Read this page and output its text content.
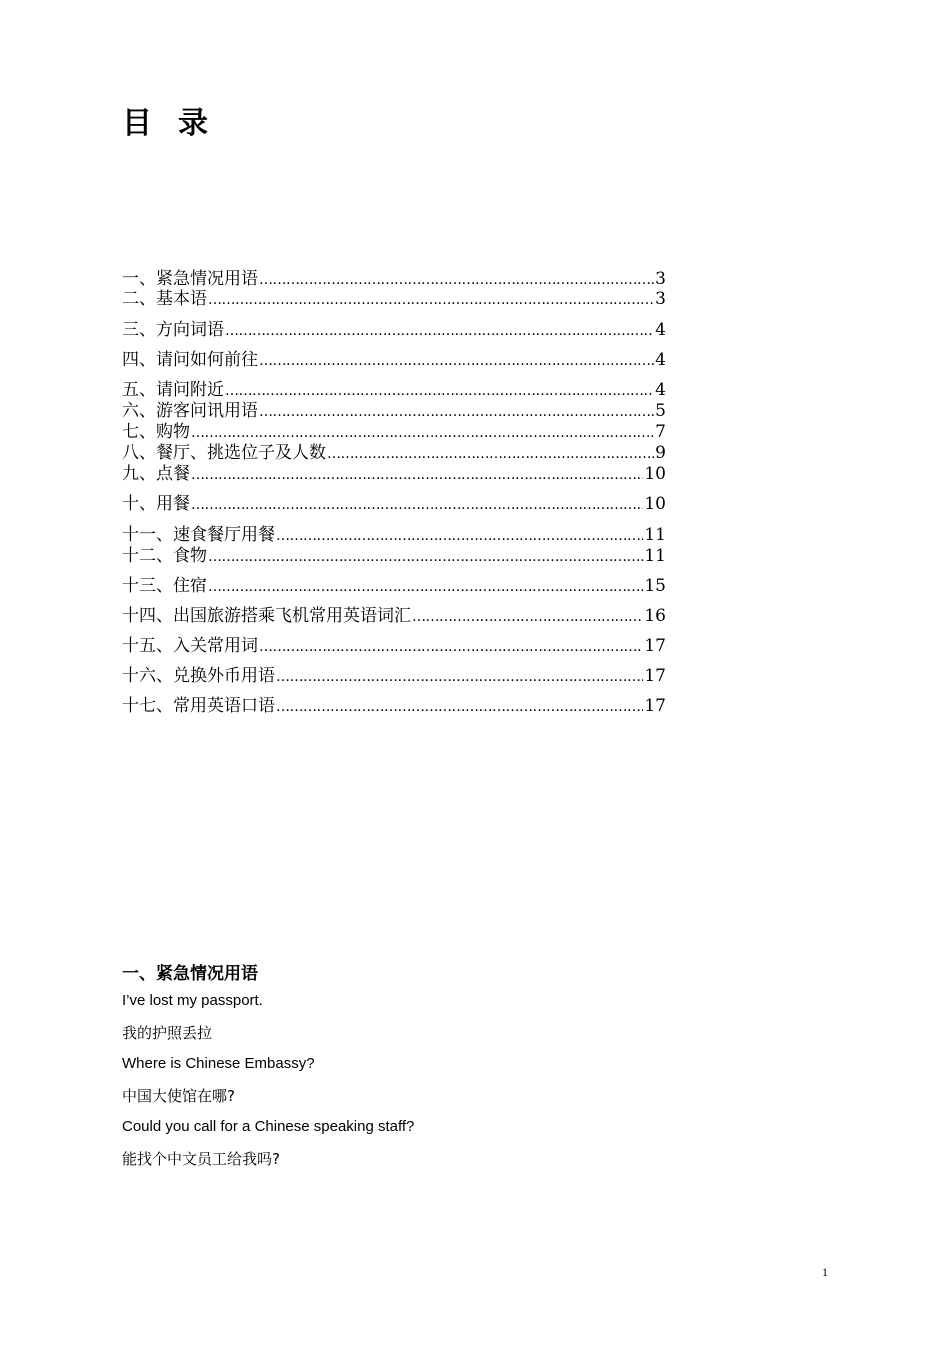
目录
一、紧急情况用语 ……………………………………………………………………………………………………………………………………………………	3
二、基本语 ……………………………………………………………………………………………………………………………………………………	3
三、方向词语 ……………………………………………………………………………………………………………………………………………………	4
四、请问如何前往 ……………………………………………………………………………………………………………………………………………………	4
五、请问附近 ……………………………………………………………………………………………………………………………………………………	4
六、游客问讯用语 ……………………………………………………………………………………………………………………………………………………	5
七、购物 ……………………………………………………………………………………………………………………………………………………	7
八、餐厅、挑选位子及人数 ……………………………………………………………………………………………………………………………………………………	9
九、点餐 ……………………………………………………………………………………………………………………………………………………	10
十、用餐 ……………………………………………………………………………………………………………………………………………………	10
十一、速食餐厅用餐 ……………………………………………………………………………………………………………………………………………………	11
十二、食物 ……………………………………………………………………………………………………………………………………………………	11
十三、住宿 ……………………………………………………………………………………………………………………………………………………	15
十四、出国旅游搭乘飞机常用英语词汇 ……………………………………………………………………………………………………………………………………………………	16
十五、入关常用词 ……………………………………………………………………………………………………………………………………………………	17
十六、兑换外币用语 ……………………………………………………………………………………………………………………………………………………	17
十七、常用英语口语 ……………………………………………………………………………………………………………………………………………………	17
一、紧急情况用语

I’ve lost my passport.

我的护照丢拉

Where is Chinese Embassy?

中国大使馆在哪?

Could you call for a Chinese speaking staff?

能找个中文员工给我吗?

1
